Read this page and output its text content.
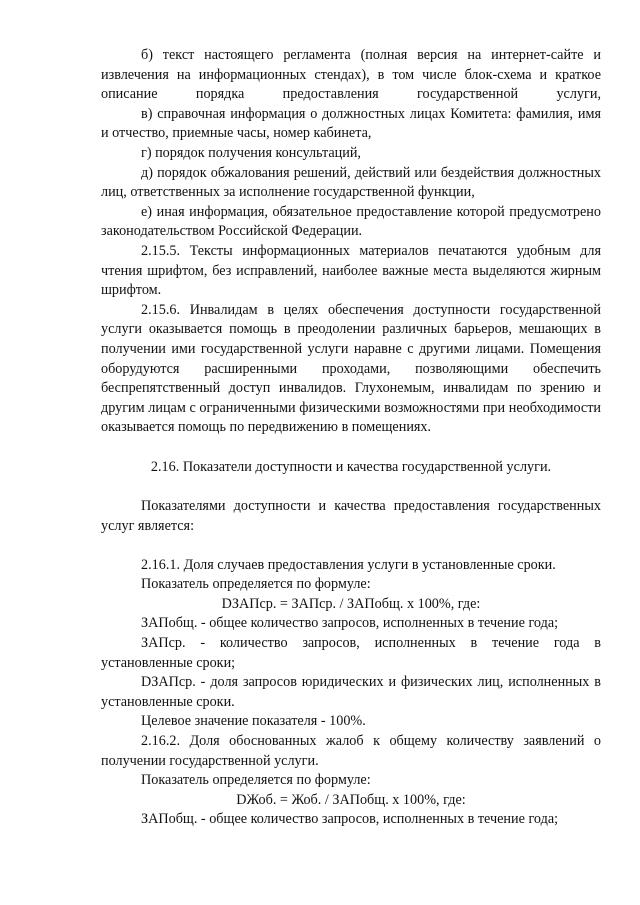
б) текст настоящего регламента (полная версия на интернет-сайте и извлечения на информационных стендах), в том числе блок-схема и краткое описание порядка предоставления государственной услуги,

в) справочная информация о должностных лицах Комитета: фамилия, имя и отчество, приемные часы, номер кабинета,

г) порядок получения консультаций,

д) порядок обжалования решений, действий или бездействия должностных лиц, ответственных за исполнение государственной функции,

е) иная информация, обязательное предоставление которой предусмотрено законодательством Российской Федерации.

2.15.5. Тексты информационных материалов печатаются удобным для чтения шрифтом, без исправлений, наиболее важные места выделяются жирным шрифтом.

2.15.6. Инвалидам в целях обеспечения доступности государственной услуги оказывается помощь в преодолении различных барьеров, мешающих в получении ими государственной услуги наравне с другими лицами. Помещения оборудуются расширенными проходами, позволяющими обеспечить беспрепятственный доступ инвалидов. Глухонемым, инвалидам по зрению и другим лицам с ограниченными физическими возможностями при необходимости оказывается помощь по передвижению в помещениях.

2.16. Показатели доступности и качества государственной услуги.

Показателями доступности и качества предоставления государственных услуг является:

2.16.1. Доля случаев предоставления услуги в установленные сроки.

Показатель определяется по формуле:

DЗАПср. = ЗАПср. / ЗАПобщ. х 100%, где:

ЗАПобщ. - общее количество запросов, исполненных в течение года;

ЗАПср. - количество запросов, исполненных в течение года в установленные сроки;

DЗАПср. - доля запросов юридических и физических лиц, исполненных в установленные сроки.

Целевое значение показателя - 100%.

2.16.2. Доля обоснованных жалоб к общему количеству заявлений о получении государственной услуги.

Показатель определяется по формуле:

DЖоб. = Жоб. / ЗАПобщ. х 100%, где:

ЗАПобщ. - общее количество запросов, исполненных в течение года;
